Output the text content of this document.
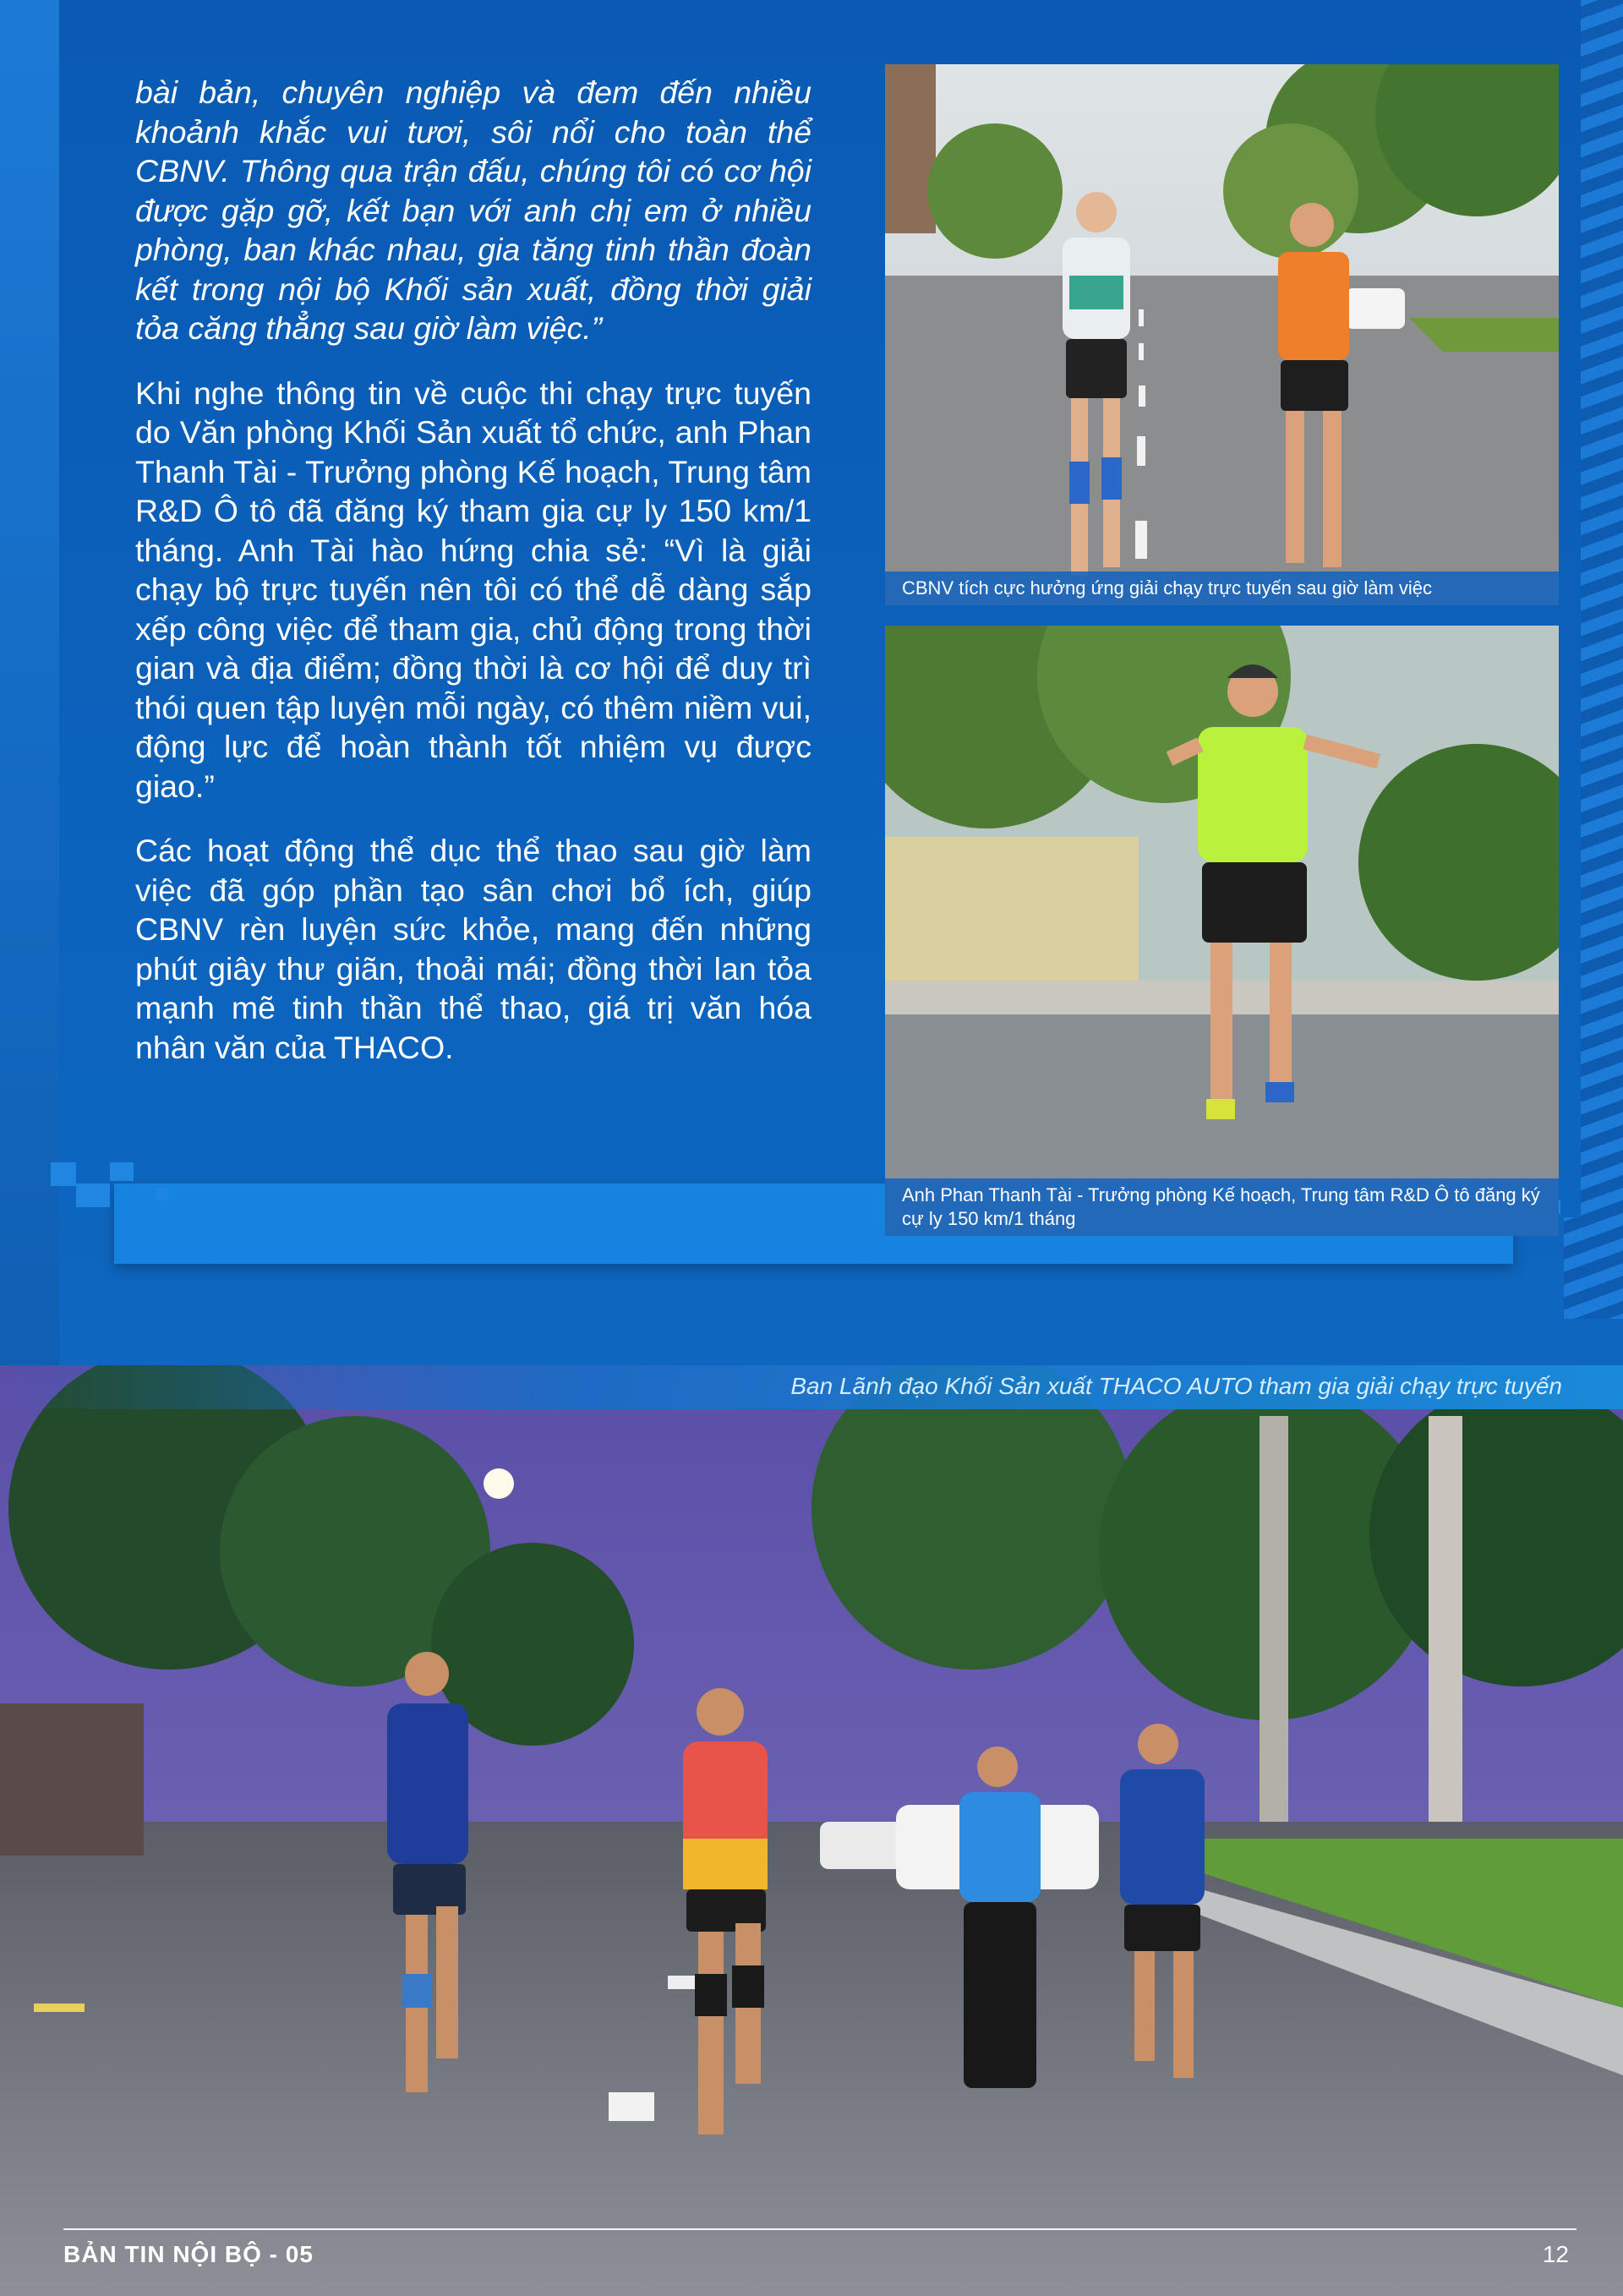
bài bản, chuyên nghiệp và đem đến nhiều khoảnh khắc vui tươi, sôi nổi cho toàn thể CBNV. Thông qua trận đấu, chúng tôi có cơ hội được gặp gỡ, kết bạn với anh chị em ở nhiều phòng, ban khác nhau, gia tăng tinh thần đoàn kết trong nội bộ Khối sản xuất, đồng thời giải tỏa căng thẳng sau giờ làm việc.”

Khi nghe thông tin về cuộc thi chạy trực tuyến do Văn phòng Khối Sản xuất tổ chức, anh Phan Thanh Tài - Trưởng phòng Kế hoạch, Trung tâm R&D Ô tô đã đăng ký tham gia cự ly 150 km/1 tháng. Anh Tài hào hứng chia sẻ: “Vì là giải chạy bộ trực tuyến nên tôi có thể dễ dàng sắp xếp công việc để tham gia, chủ động trong thời gian và địa điểm; đồng thời là cơ hội để duy trì thói quen tập luyện mỗi ngày, có thêm niềm vui, động lực để hoàn thành tốt nhiệm vụ được giao.”

Các hoạt động thể dục thể thao sau giờ làm việc đã góp phần tạo sân chơi bổ ích, giúp CBNV rèn luyện sức khỏe, mang đến những phút giây thư giãn, thoải mái; đồng thời lan tỏa mạnh mẽ tinh thần thể thao, giá trị văn hóa nhân văn của THACO.

CBNV tích cực hưởng ứng giải chạy trực tuyến sau giờ làm việc
Anh Phan Thanh Tài - Trưởng phòng Kế hoạch, Trung tâm R&D Ô tô đăng ký cự ly 150 km/1 tháng
Ban Lãnh đạo Khối Sản xuất THACO AUTO tham gia giải chạy trực tuyến
BẢN TIN NỘI BỘ - 05	12
